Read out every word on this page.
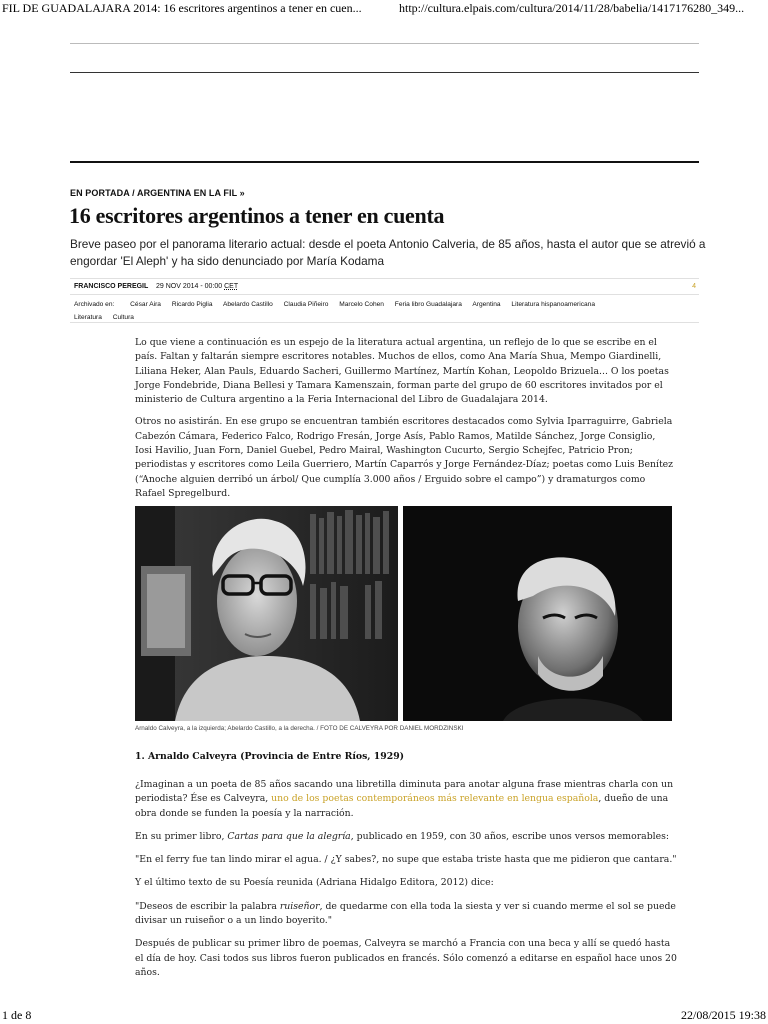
FIL DE GUADALAJARA 2014: 16 escritores argentinos a tener en cuen...	http://cultura.elpais.com/cultura/2014/11/28/babelia/1417176280_349...
EN PORTADA / ARGENTINA EN LA FIL »
16 escritores argentinos a tener en cuenta

Breve paseo por el panorama literario actual: desde el poeta Antonio Calveria, de 85 años, hasta el autor que se atrevió a engordar 'El Aleph' y ha sido denunciado por María Kodama

FRANCISCO PEREGIL 29 NOV 2014 - 00:00 CET	4
Archivado en: César Aira Ricardo Piglia Abelardo Castillo Claudia Piñeiro Marcelo Cohen Feria libro Guadalajara Argentina Literatura hispanoamericana
Literatura Cultura

Lo que viene a continuación es un espejo de la literatura actual argentina, un reflejo de lo que se escribe en el país. Faltan y faltarán siempre escritores notables. Muchos de ellos, como Ana María Shua, Mempo Giardinelli, Liliana Heker, Alan Pauls, Eduardo Sacheri, Guillermo Martínez, Martín Kohan, Leopoldo Brizuela... O los poetas Jorge Fondebride, Diana Bellesi y Tamara Kamenszain, forman parte del grupo de 60 escritores invitados por el ministerio de Cultura argentino a la Feria Internacional del Libro de Guadalajara 2014.

Otros no asistirán. En ese grupo se encuentran también escritores destacados como Sylvia Iparraguirre, Gabriela Cabezón Cámara, Federico Falco, Rodrigo Fresán, Jorge Asís, Pablo Ramos, Matilde Sánchez, Jorge Consiglio, Iosi Havilio, Juan Forn, Daniel Guebel, Pedro Mairal, Washington Cucurto, Sergio Schejfec, Patricio Pron; periodistas y escritores como Leila Guerriero, Martín Caparrós y Jorge Fernández-Díaz; poetas como Luis Benítez (“Anoche alguien derribó un árbol/ Que cumplía 3.000 años / Erguido sobre el campo”) y dramaturgos como Rafael Spregelburd.

Arnaldo Calveyra, a la izquierda; Abelardo Castillo, a la derecha. / FOTO DE CALVEYRA POR DANIEL MORDZINSKI
1. Arnaldo Calveyra (Provincia de Entre Ríos, 1929)

¿Imaginan a un poeta de 85 años sacando una libretilla diminuta para anotar alguna frase mientras charla con un periodista? Ése es Calveyra, uno de los poetas contemporáneos más relevante en lengua española, dueño de una obra donde se funden la poesía y la narración.

En su primer libro, Cartas para que la alegría, publicado en 1959, con 30 años, escribe unos versos memorables:

"En el ferry fue tan lindo mirar el agua. / ¿Y sabes?, no supe que estaba triste hasta que me pidieron que cantara."

Y el último texto de su Poesía reunida (Adriana Hidalgo Editora, 2012) dice:

"Deseos de escribir la palabra ruiseñor, de quedarme con ella toda la siesta y ver si cuando merme el sol se puede divisar un ruiseñor o a un lindo boyerito."

Después de publicar su primer libro de poemas, Calveyra se marchó a Francia con una beca y allí se quedó hasta el día de hoy. Casi todos sus libros fueron publicados en francés. Sólo comenzó a editarse en español hace unos 20 años.

1 de 8	22/08/2015 19:38
